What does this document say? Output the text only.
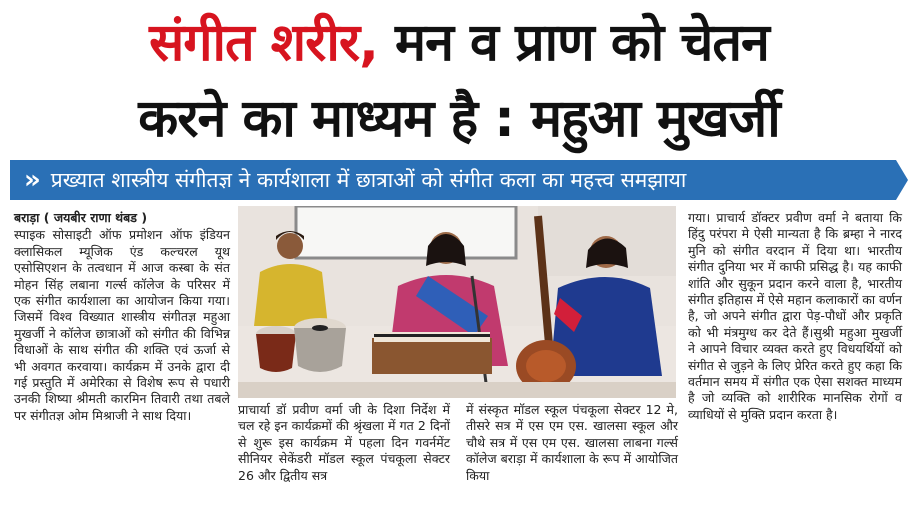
संगीत शरीर, मन व प्राण को चेतन
करने का माध्यम है : महुआ मुखर्जी
» प्रख्यात शास्त्रीय संगीतज्ञ ने कार्यशाला में छात्राओं को संगीत कला का महत्त्व समझाया
बराड़ा ( जयबीर राणा थंबड )
स्पाइक सोसाइटी ऑफ प्रमोशन ऑफ इंडियन क्लासिकल म्यूजिक एंड कल्चरल यूथ एसोसिएशन के तत्वधान में आज कस्बा के संत मोहन सिंह लबाना गर्ल्स कॉलेज के परिसर में एक संगीत कार्यशाला का आयोजन किया गया। जिसमें विश्व विख्यात शास्त्रीय संगीतज्ञ महुआ मुखर्जी ने कॉलेज छात्राओं को संगीत की विभिन्न विधाओं के साथ संगीत की शक्ति एवं ऊर्जा से भी अवगत करवाया। कार्यक्रम में उनके द्वारा दी गई प्रस्तुति में अमेरिका से विशेष रूप से पधारी उनकी शिष्या श्रीमती कारमिन तिवारी तथा तबले पर संगीतज्ञ ओम मिश्राजी ने साथ दिया।	प्राचार्या डॉ प्रवीण वर्मा जी के दिशा निर्देश में चल रहे इन कार्यक्रमों की श्रृंखला में गत 2 दिनों से शुरू इस कार्यक्रम में पहला दिन गवर्नमेंट सीनियर सेकेंडरी मॉडल स्कूल पंचकूला सेक्टर 26 और द्वितीय सत्र
में संस्कृत मॉडल स्कूल पंचकूला सेक्टर 12 मे, तीसरे सत्र में एस एम एस. खालसा स्कूल और चौथे सत्र में एस एम एस. खालसा लाबना गर्ल्स कॉलेज बराड़ा में कार्यशाला के रूप में आयोजित किया
गया। प्राचार्य डॉक्टर प्रवीण वर्मा ने बताया कि हिंदु परंपरा मे ऐसी मान्यता है कि ब्रम्हा ने नारद मुनि को संगीत वरदान में दिया था। भारतीय संगीत दुनिया भर में काफी प्रसिद्ध है। यह काफी शांति और सुकून प्रदान करने वाला है, भारतीय संगीत इतिहास में ऐसे महान कलाकारों का वर्णन है, जो अपने संगीत द्वारा पेड़-पौधों और प्रकृति को भी मंत्रमुग्ध कर देते हैं।सुश्री महुआ मुखर्जी ने आपने विचार व्यक्त करते हुए विधयर्थियों को संगीत से जुड़ने के लिए प्रेरित करते हुए कहा कि वर्तमान समय में संगीत एक ऐसा सशक्त माध्यम है जो व्यक्ति को शारीरिक मानसिक रोगों व व्याधियों से मुक्ति प्रदान करता है।
